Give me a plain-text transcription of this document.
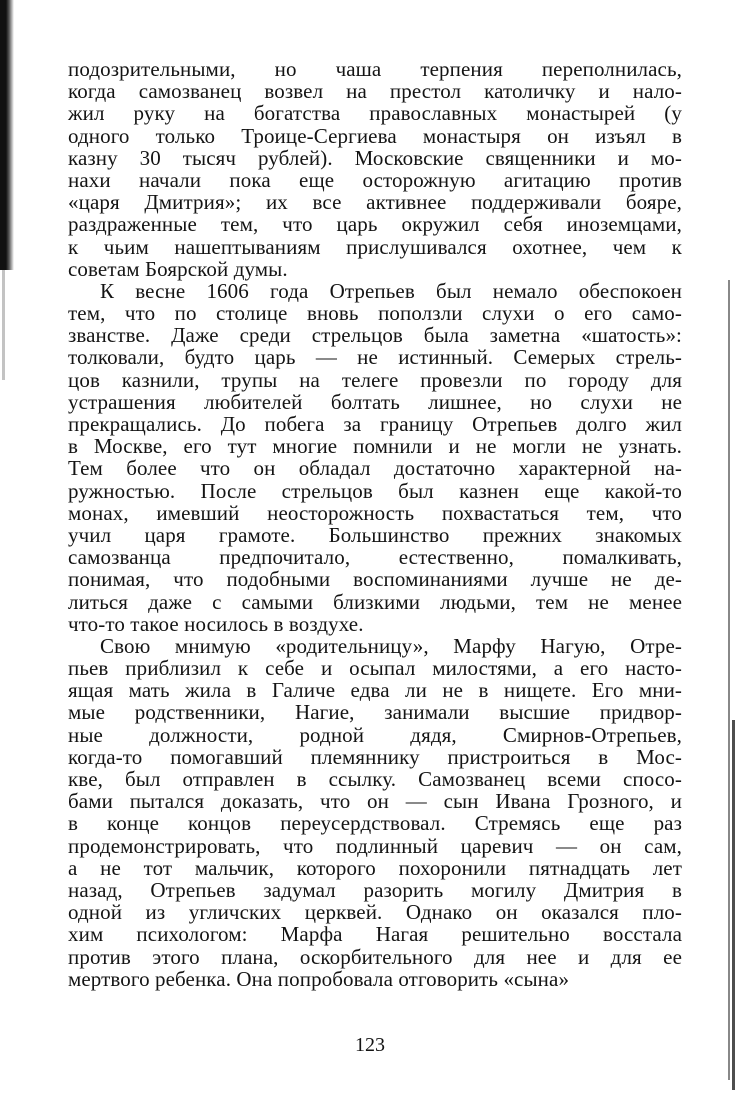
подозрительными, но чаша терпения переполнилась,
когда самозванец возвел на престол католичку и нало-
жил руку на богатства православных монастырей (у
одного только Троице-Сергиева монастыря он изъял в
казну 30 тысяч рублей). Московские священники и мо-
нахи начали пока еще осторожную агитацию против
«царя Дмитрия»; их все активнее поддерживали бояре,
раздраженные тем, что царь окружил себя иноземцами,
к чьим нашептываниям прислушивался охотнее, чем к
советам Боярской думы.
К весне 1606 года Отрепьев был немало обеспокоен
тем, что по столице вновь поползли слухи о его само-
званстве. Даже среди стрельцов была заметна «шатость»:
толковали, будто царь — не истинный. Семерых стрель-
цов казнили, трупы на телеге провезли по городу для
устрашения любителей болтать лишнее, но слухи не
прекращались. До побега за границу Отрепьев долго жил
в Москве, его тут многие помнили и не могли не узнать.
Тем более что он обладал достаточно характерной на-
ружностью. После стрельцов был казнен еще какой-то
монах, имевший неосторожность похвастаться тем, что
учил царя грамоте. Большинство прежних знакомых
самозванца предпочитало, естественно, помалкивать,
понимая, что подобными воспоминаниями лучше не де-
литься даже с самыми близкими людьми, тем не менее
что-то такое носилось в воздухе.
Свою мнимую «родительницу», Марфу Нагую, Отре-
пьев приблизил к себе и осыпал милостями, а его насто-
ящая мать жила в Галиче едва ли не в нищете. Его мни-
мые родственники, Нагие, занимали высшие придвор-
ные должности, родной дядя, Смирнов-Отрепьев,
когда-то помогавший племяннику пристроиться в Мос-
кве, был отправлен в ссылку. Самозванец всеми спосо-
бами пытался доказать, что он — сын Ивана Грозного, и
в конце концов переусердствовал. Стремясь еще раз
продемонстрировать, что подлинный царевич — он сам,
а не тот мальчик, которого похоронили пятнадцать лет
назад, Отрепьев задумал разорить могилу Дмитрия в
одной из угличских церквей. Однако он оказался пло-
хим психологом: Марфа Нагая решительно восстала
против этого плана, оскорбительного для нее и для ее
мертвого ребенка. Она попробовала отговорить «сына»
123
